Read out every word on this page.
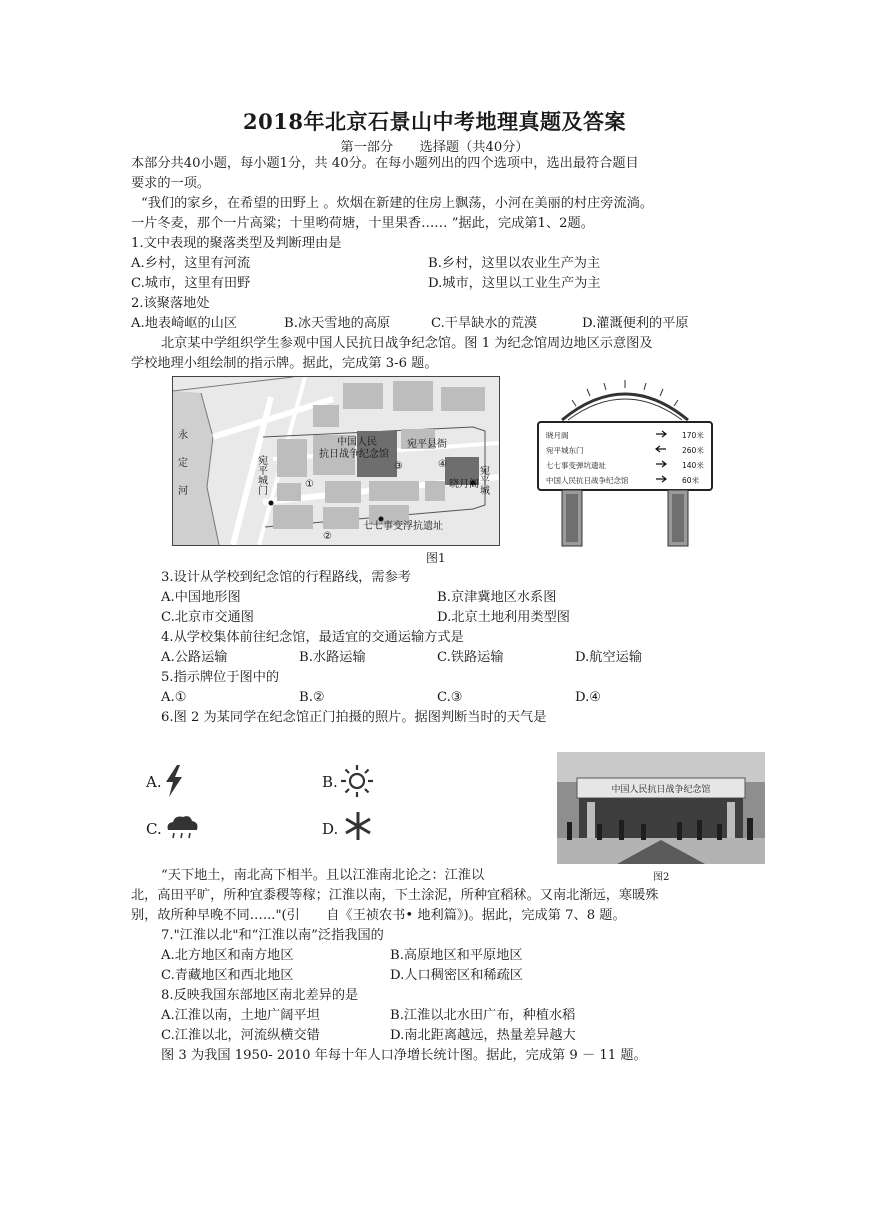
2018年北京石景山中考地理真题及答案
第一部分　　选择题（共40分）
本部分共40小题，每小题1分，共 40分。在每小题列出的四个选项中，选出最符合题目
要求的一项。
“我们的家乡，在希望的田野上 。炊烟在新建的住房上飘荡，小河在美丽的村庄旁流淌。
一片冬麦，那个一片高粱；十里哟荷塘，十里果香…… ”据此，完成第1、2题。
1.文中表现的聚落类型及判断理由是
A.乡村，这里有河流	B.乡村，这里以农业生产为主
C.城市，这里有田野	D.城市，这里以工业生产为主
2.该聚落地处
A.地表崎岖的山区	B.冰天雪地的高原	C.干旱缺水的荒漠	D.灌溉便利的平原
北京某中学组织学生参观中国人民抗日战争纪念馆。图 1 为纪念馆周边地区示意图及
学校地理小组绘制的指示牌。据此，完成第 3-6 题。
永定河	中国人民
抗日战争纪念馆
宛平县衙
宛平城门	宛平城
晓月阁
七七事变浮抗遗址
①
②
③	④
晓月阁	170米
宛平城东门	260米
七七事变弹坑遗址	140米
中国人民抗日战争纪念馆	60米
图1
3.设计从学校到纪念馆的行程路线，需参考
A.中国地形图	B.京津冀地区水系图
C.北京市交通图	D.北京土地利用类型图
4.从学校集体前往纪念馆，最适宜的交通运输方式是
A.公路运输	B.水路运输	C.铁路运输	D.航空运输
5.指示牌位于图中的
A.①	B.②	C.③	D.④
6.图 2 为某同学在纪念馆正门拍摄的照片。据图判断当时的天气是
A.	B.
C.	D.
中国人民抗日战争纪念馆
图2
“天下地土，南北高下相半。且以江淮南北论之：江淮以
北，高田平旷，所种宜黍稷等稼；江淮以南，下土涂泥，所种宜稻秫。又南北渐远，寒暖殊
别，故所种早晚不同…..."(引　　自《王祯农书• 地利篇》)。据此，完成第 7、8 题。
7."江淮以北"和“江淮以南”泛指我国的
A.北方地区和南方地区	B.高原地区和平原地区
C.青藏地区和西北地区	D.人口稠密区和稀疏区
8.反映我国东部地区南北差异的是
A.江淮以南，土地广阔平坦	B.江淮以北水田广布，种植水稻
C.江淮以北，河流纵横交错	D.南北距离越远，热量差异越大
图 3 为我国 1950- 2010 年每十年人口净增长统计图。据此，完成第 9 － 11 题。
